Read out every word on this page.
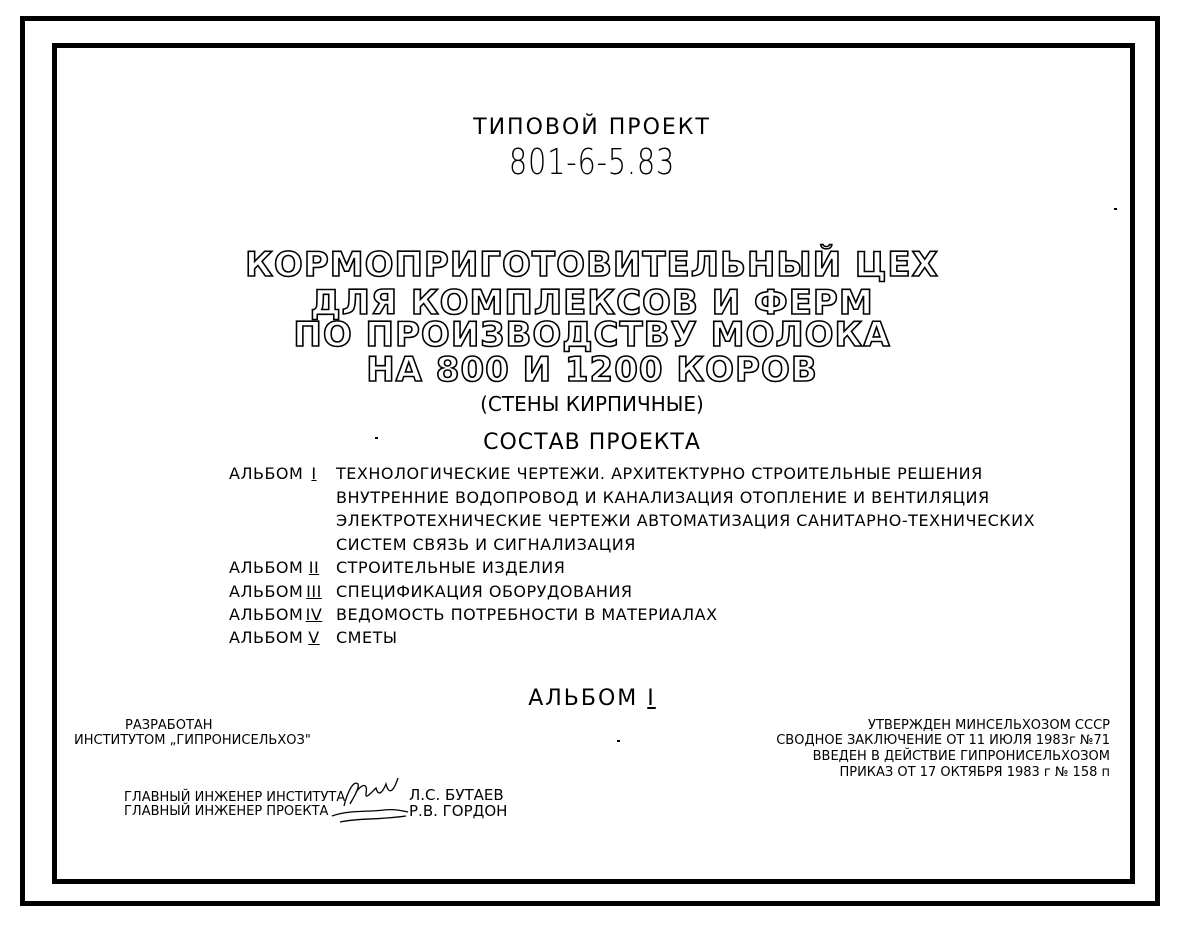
ТИПОВОЙ ПРОЕКТ
801-6-5.83
КОРМОПРИГОТОВИТЕЛЬНЫЙ ЦЕХ
ДЛЯ КОМПЛЕКСОВ И ФЕРМ
ПО ПРОИЗВОДСТВУ МОЛОКА
НА 800 И 1200 КОРОВ
(СТЕНЫ КИРПИЧНЫЕ)
СОСТАВ ПРОЕКТА
АЛЬБОМ I	ТЕХНОЛОГИЧЕСКИЕ ЧЕРТЕЖИ. АРХИТЕКТУРНО СТРОИТЕЛЬНЫЕ РЕШЕНИЯ
ВНУТРЕННИЕ ВОДОПРОВОД И КАНАЛИЗАЦИЯ ОТОПЛЕНИЕ И ВЕНТИЛЯЦИЯ
ЭЛЕКТРОТЕХНИЧЕСКИЕ ЧЕРТЕЖИ АВТОМАТИЗАЦИЯ САНИТАРНО-ТЕХНИЧЕСКИХ
СИСТЕМ СВЯЗЬ И СИГНАЛИЗАЦИЯ
АЛЬБОМ II	СТРОИТЕЛЬНЫЕ ИЗДЕЛИЯ
АЛЬБОМ III СПЕЦИФИКАЦИЯ ОБОРУДОВАНИЯ
АЛЬБОМ IV ВЕДОМОСТЬ ПОТРЕБНОСТИ В МАТЕРИАЛАХ
АЛЬБОМ V	СМЕТЫ
АЛЬБОМ I
РАЗРАБОТАН
ИНСТИТУТОМ „ГИПРОНИСЕЛЬХОЗ"
УТВЕРЖДЕН МИНСЕЛЬХОЗОМ СССР
СВОДНОЕ ЗАКЛЮЧЕНИЕ ОТ 11 ИЮЛЯ 1983г №71
ВВЕДЕН В ДЕЙСТВИЕ ГИПРОНИСЕЛЬХОЗОМ
ПРИКАЗ ОТ 17 ОКТЯБРЯ 1983 г № 158 п
ГЛАВНЫЙ ИНЖЕНЕР ИНСТИТУТА
ГЛАВНЫЙ ИНЖЕНЕР ПРОЕКТА
Л.С. БУТАЕВ
Р.В. ГОРДОН
